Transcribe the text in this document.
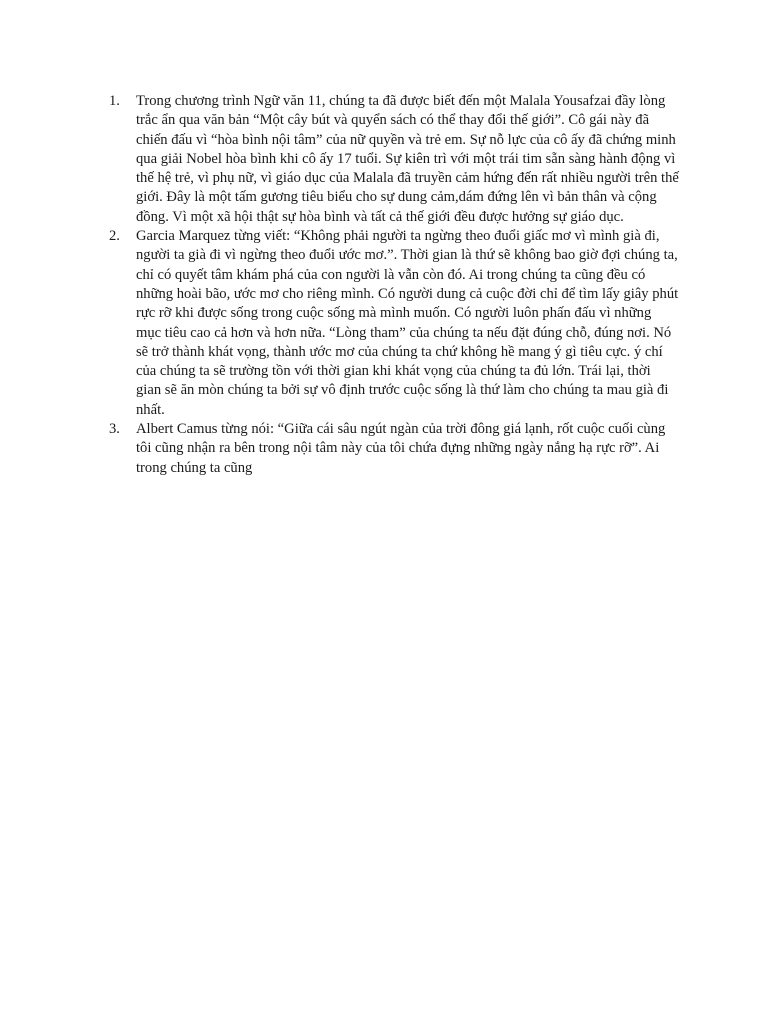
1.	Trong chương trình Ngữ văn 11, chúng ta đã được biết đến một Malala Yousafzai đầy lòng trắc ẩn qua văn bản “Một cây bút và quyển sách có thể thay đổi thế giới”. Cô gái này đã chiến đấu vì “hòa bình nội tâm” của nữ quyền và trẻ em. Sự nỗ lực của cô ấy đã chứng minh qua giải Nobel hòa bình khi cô ấy 17 tuổi. Sự kiên trì với một trái tim sẵn sàng hành động vì thế hệ trẻ, vì phụ nữ, vì giáo dục của Malala đã truyền cảm hứng đến rất nhiều người trên thế giới. Đây là một tấm gương tiêu biểu cho sự dung cảm,dám đứng lên vì bản thân và cộng đồng. Vì một xã hội thật sự hòa bình và tất cả thế giới đều được hưởng sự giáo dục.
2.	Garcia Marquez từng viết: “Không phải người ta ngừng theo đuổi giấc mơ vì mình già đi, người ta già đi vì ngừng theo đuổi ước mơ.”. Thời gian là thứ sẽ không bao giờ đợi chúng ta, chỉ có quyết tâm khám phá của con người là vẫn còn đó. Ai trong chúng ta cũng đều có những hoài bão, ước mơ cho riêng mình. Có người dung cả cuộc đời chỉ để tìm lấy giây phút rực rỡ khi được sống trong cuộc sống mà mình muốn. Có người luôn phấn đấu vì những mục tiêu cao cả hơn và hơn nữa. “Lòng tham” của chúng ta nếu đặt đúng chỗ, đúng nơi. Nó sẽ trở thành khát vọng, thành ước mơ của chúng ta chứ không hề mang ý gì tiêu cực. ý chí của chúng ta sẽ trường tồn với thời gian khi khát vọng của chúng ta đủ lớn. Trái lại, thời gian sẽ ăn mòn chúng ta bởi sự vô định trước cuộc sống là thứ làm cho chúng ta mau già đi nhất.
3.	Albert Camus từng nói: “Giữa cái sâu ngút ngàn của trời đông giá lạnh, rốt cuộc cuối cùng tôi cũng nhận ra bên trong nội tâm này của tôi chứa đựng những ngày nắng hạ rực rỡ”. Ai trong chúng ta cũng
